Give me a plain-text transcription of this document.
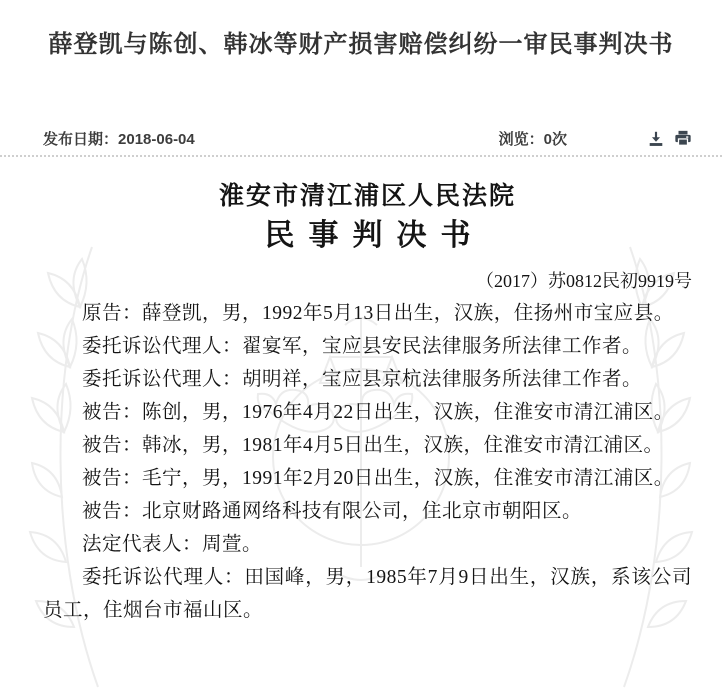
薛登凯与陈创、韩冰等财产损害赔偿纠纷一审民事判决书
发布日期：2018-06-04	浏览：0次
淮安市清江浦区人民法院
民事判决书
（2017）苏0812民初9919号

原告：薛登凯，男，1992年5月13日出生，汉族，住扬州市宝应县。

委托诉讼代理人：翟宴军，宝应县安民法律服务所法律工作者。

委托诉讼代理人：胡明祥，宝应县京杭法律服务所法律工作者。

被告：陈创，男，1976年4月22日出生，汉族，住淮安市清江浦区。

被告：韩冰，男，1981年4月5日出生，汉族，住淮安市清江浦区。

被告：毛宁，男，1991年2月20日出生，汉族，住淮安市清江浦区。

被告：北京财路通网络科技有限公司，住北京市朝阳区。

法定代表人：周萱。

委托诉讼代理人：田国峰，男，1985年7月9日出生，汉族，系该公司员工，住烟台市福山区。
